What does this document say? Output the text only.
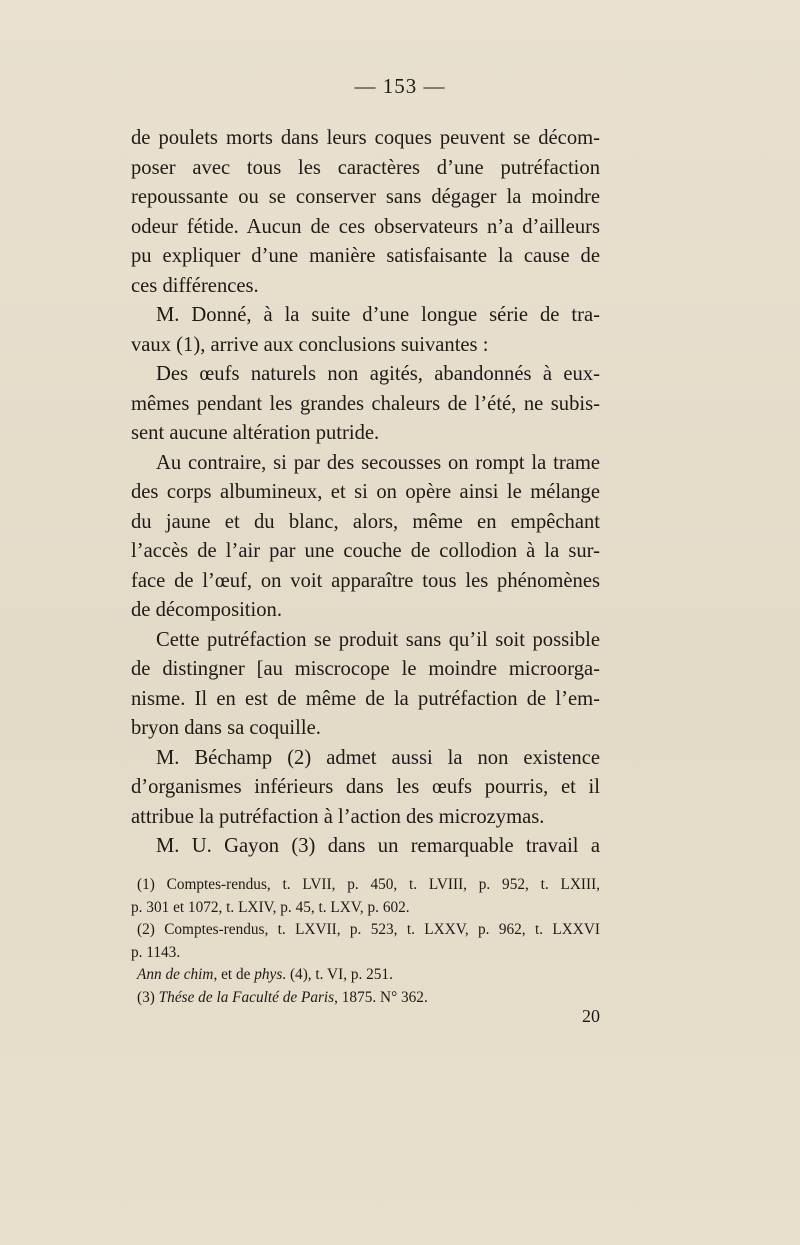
— 153 —
de poulets morts dans leurs coques peuvent se décom-
poser avec tous les caractères d’une putréfaction
repoussante ou se conserver sans dégager la moindre
odeur fétide. Aucun de ces observateurs n’a d’ailleurs
pu expliquer d’une manière satisfaisante la cause de
ces différences.
M. Donné, à la suite d’une longue série de tra-
vaux (1), arrive aux conclusions suivantes :
Des œufs naturels non agités, abandonnés à eux-
mêmes pendant les grandes chaleurs de l’été, ne subis-
sent aucune altération putride.
Au contraire, si par des secousses on rompt la trame
des corps albumineux, et si on opère ainsi le mélange
du jaune et du blanc, alors, même en empêchant
l’accès de l’air par une couche de collodion à la sur-
face de l’œuf, on voit apparaître tous les phénomènes
de décomposition.
Cette putréfaction se produit sans qu’il soit possible
de distingner [au miscrocope le moindre microorga-
nisme. Il en est de même de la putréfaction de l’em-
bryon dans sa coquille.
M. Béchamp (2) admet aussi la non existence
d’organismes inférieurs dans les œufs pourris, et il
attribue la putréfaction à l’action des microzymas.
M. U. Gayon (3) dans un remarquable travail a
(1) Comptes-rendus, t. LVII, p. 450, t. LVIII, p. 952, t. LXIII,
p. 301 et 1072, t. LXIV, p. 45, t. LXV, p. 602.
(2) Comptes-rendus, t. LXVII, p. 523, t. LXXV, p. 962, t. LXXVI
p. 1143.
Ann de chim, et de phys. (4), t. VI, p. 251.
(3) Thése de la Faculté de Paris, 1875. N° 362.
20
